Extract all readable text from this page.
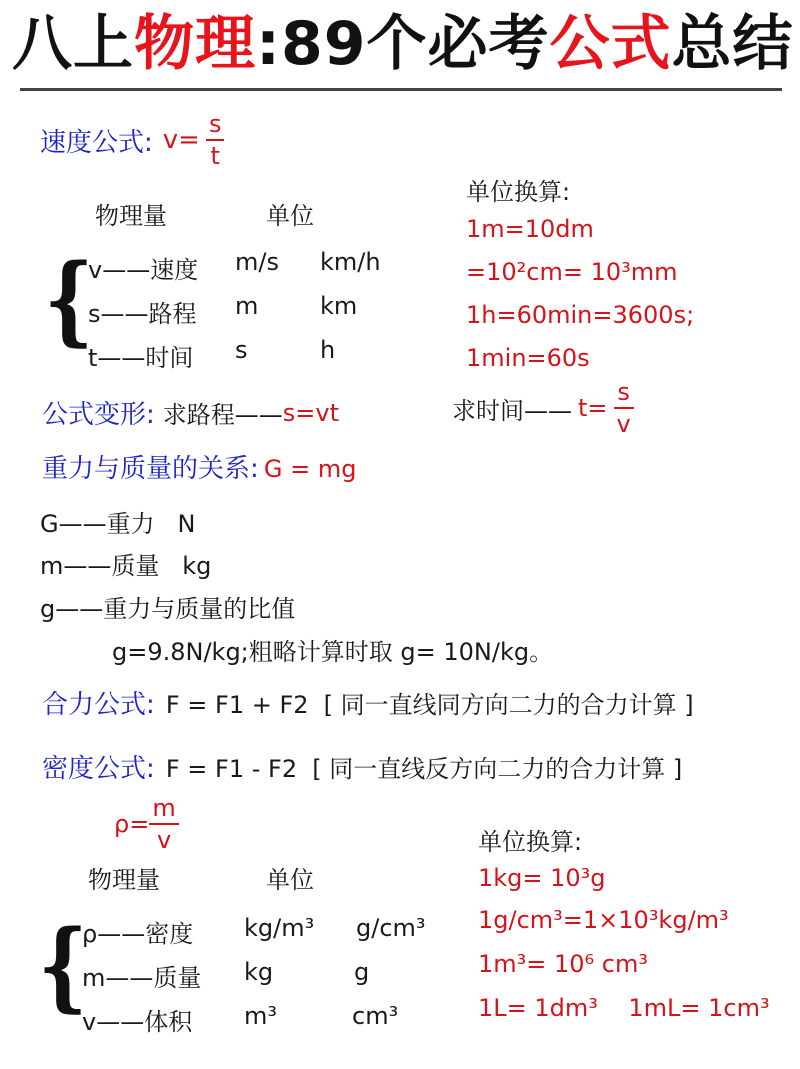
八上物理:89个必考公式总结
速度公式: $v= \frac{s}{t}$
物理量	单位
{
v——速度 m/s km/h
s——路程 m	km
t——时间 s	h
单位换算:
1m=10dm
=10²cm= 10³mm
1h=60min=3600s;
1min=60s
公式变形: 求路程—— s=vt	求时间—— $t= \frac{s}{v}$
重力与质量的关系: G = mg
G——重力   N
m——质量   kg
g——重力与质量的比值
g=9.8N/kg;粗略计算时取 g= 10N/kg。
合力公式: F = F1 + F2 [ 同一直线同方向二力的合力计算 ]
密度公式: F = F1 - F2 [ 同一直线反方向二力的合力计算 ]
$\rho= \frac{m}{v}$
物理量	单位
{
ρ——密度 kg/m³ g/cm³
m——质量 kg	g
v——体积 m³	cm³
单位换算:
1kg= 10³g
1g/cm³=1×10³kg/m³
1m³= 10⁶ cm³
1L= 1dm³    1mL= 1cm³
